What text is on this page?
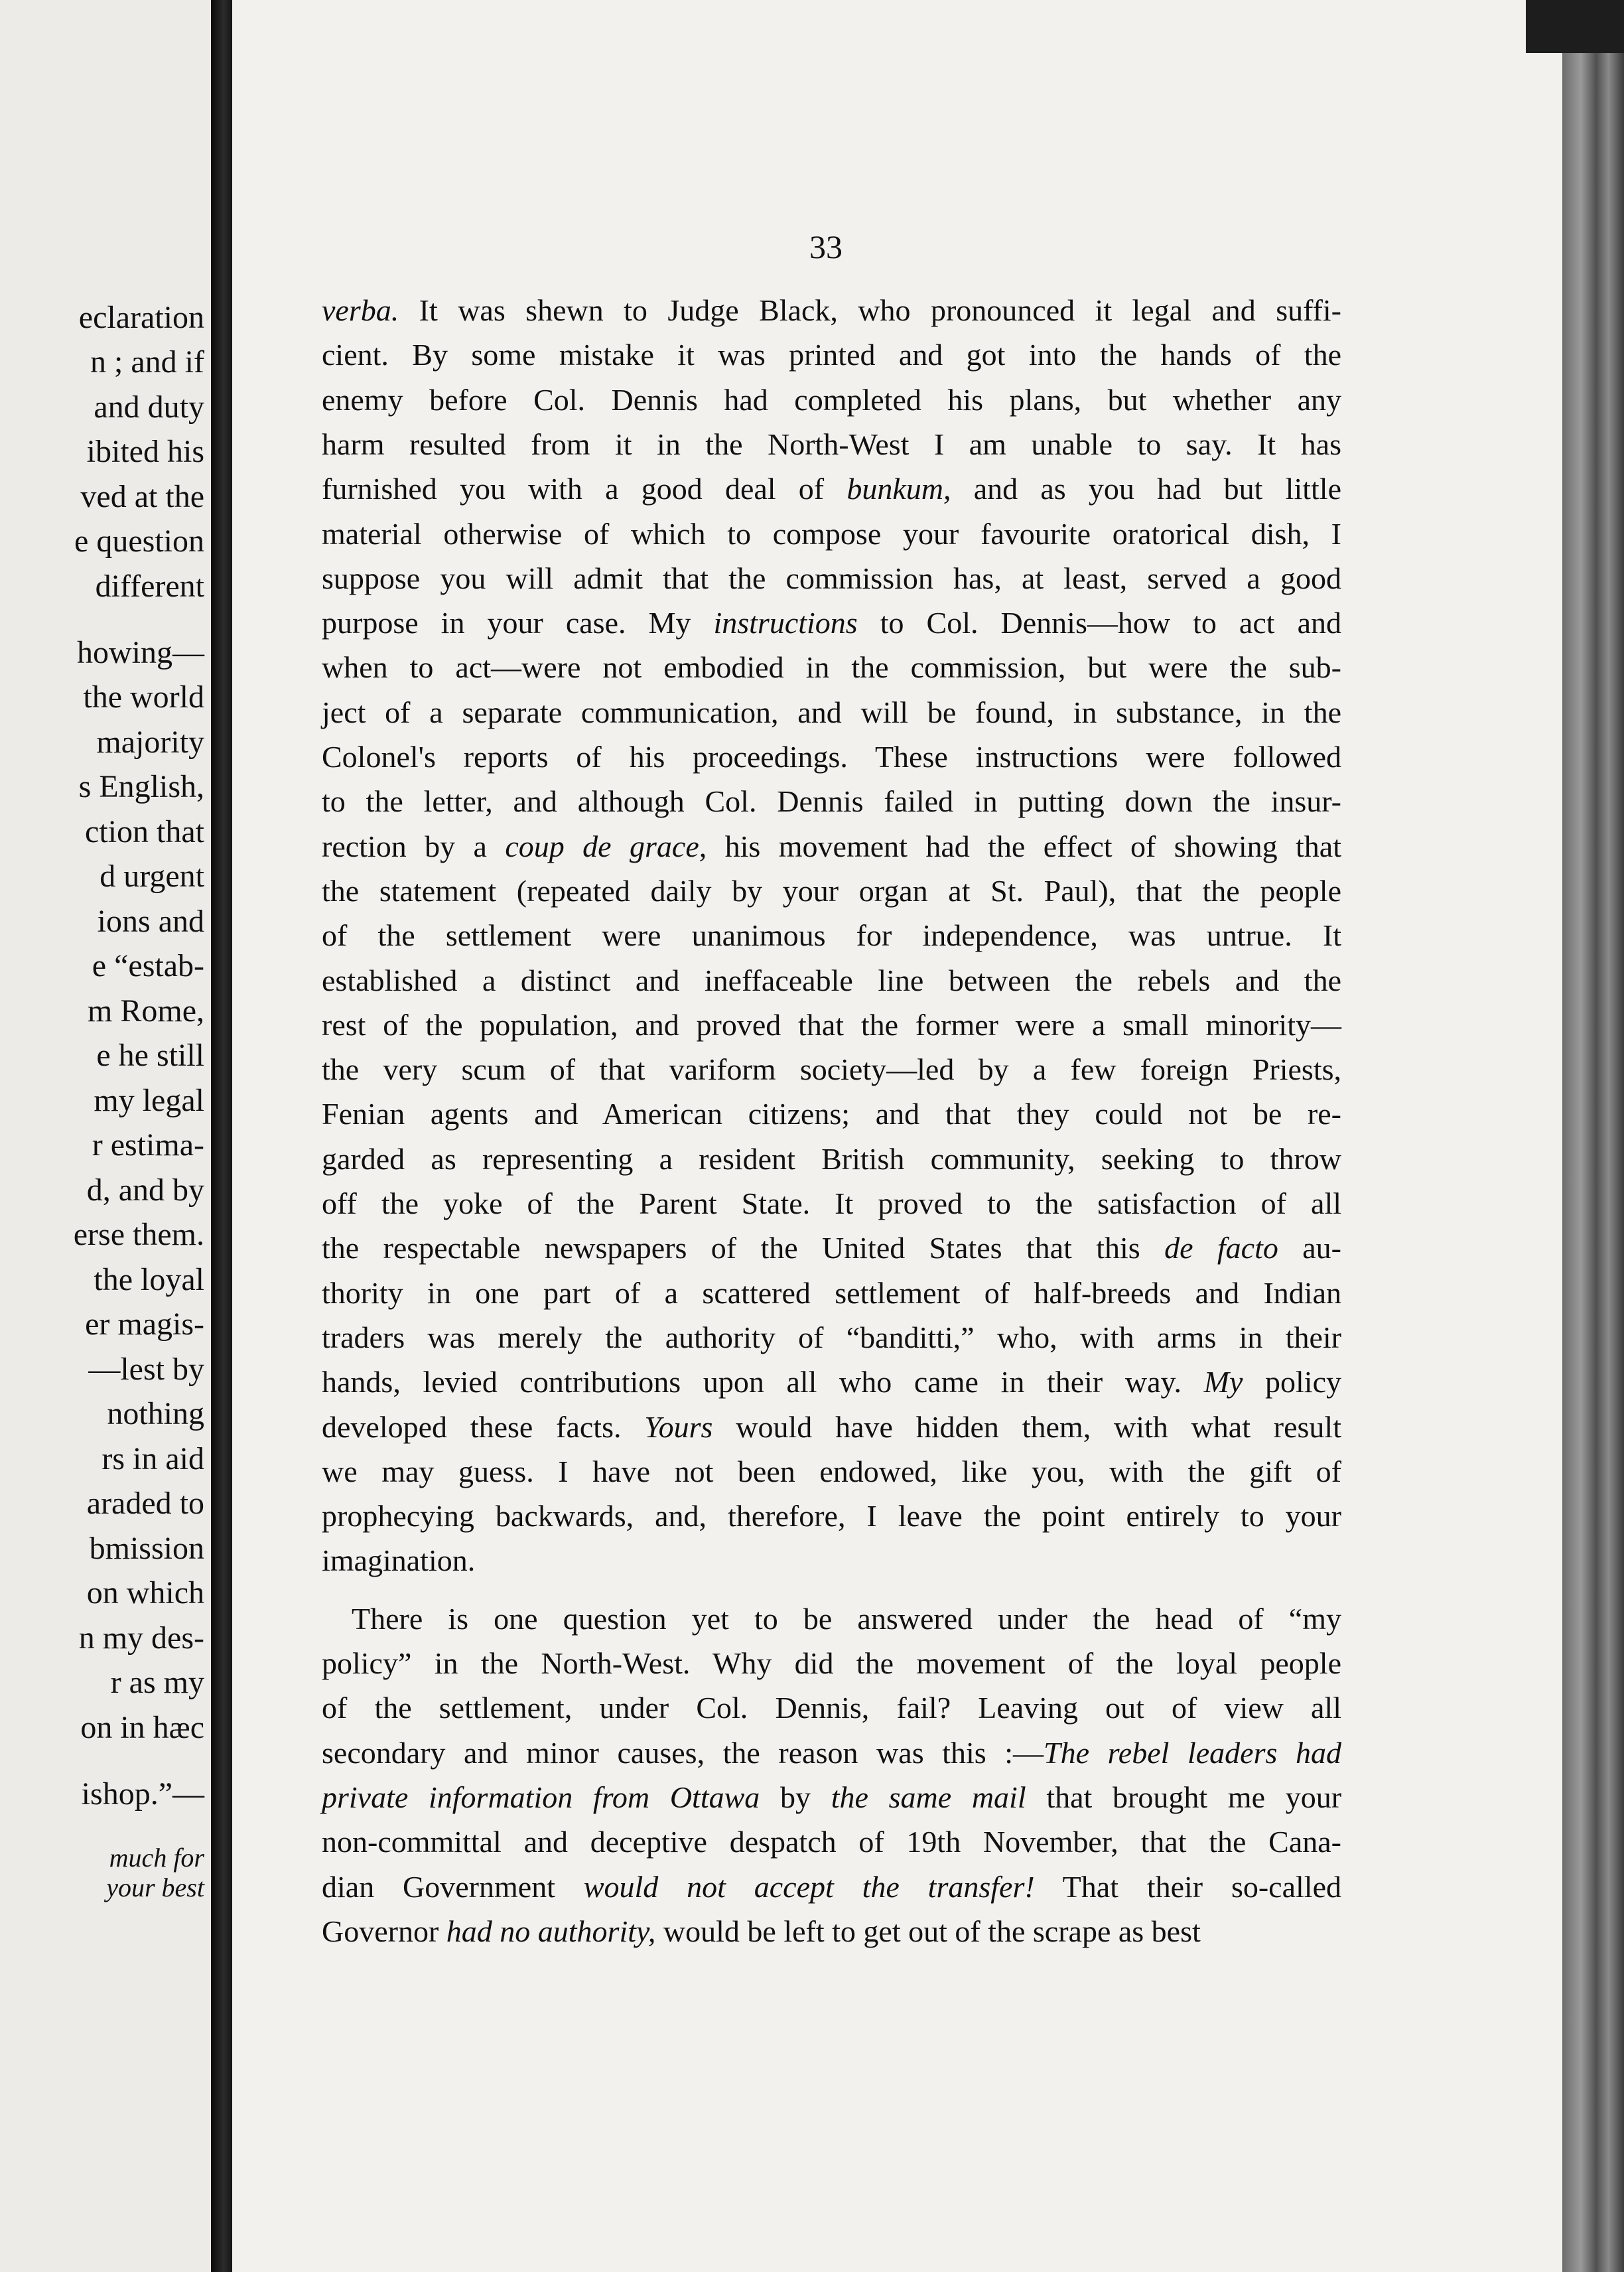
eclaration
n ; and if
and duty
ibited his
ved at the
e question
different
howing—
the world
majority
s English,
ction that
d urgent
ions and
e “estab-
m Rome,
e he still
my legal
r estima-
d, and by
erse them.
the loyal
er magis-
—lest by
nothing
rs in aid
araded to
bmission
on which
n my des-
r as my
on in hæc
ishop.”—
much for
your best
33
verba. It was shewn to Judge Black, who pronounced it legal and suffi-
cient. By some mistake it was printed and got into the hands of the
enemy before Col. Dennis had completed his plans, but whether any
harm resulted from it in the North-West I am unable to say. It has
furnished you with a good deal of bunkum, and as you had but little
material otherwise of which to compose your favourite oratorical dish, I
suppose you will admit that the commission has, at least, served a good
purpose in your case. My instructions to Col. Dennis—how to act and
when to act—were not embodied in the commission, but were the sub-
ject of a separate communication, and will be found, in substance, in the
Colonel's reports of his proceedings. These instructions were followed
to the letter, and although Col. Dennis failed in putting down the insur-
rection by a coup de grace, his movement had the effect of showing that
the statement (repeated daily by your organ at St. Paul), that the people
of the settlement were unanimous for independence, was untrue. It
established a distinct and ineffaceable line between the rebels and the
rest of the population, and proved that the former were a small minority—
the very scum of that variform society—led by a few foreign Priests,
Fenian agents and American citizens; and that they could not be re-
garded as representing a resident British community, seeking to throw
off the yoke of the Parent State. It proved to the satisfaction of all
the respectable newspapers of the United States that this de facto au-
thority in one part of a scattered settlement of half-breeds and Indian
traders was merely the authority of “banditti,” who, with arms in their
hands, levied contributions upon all who came in their way. My policy
developed these facts. Yours would have hidden them, with what result
we may guess. I have not been endowed, like you, with the gift of
prophecying backwards, and, therefore, I leave the point entirely to your
imagination.
There is one question yet to be answered under the head of “my
policy” in the North-West. Why did the movement of the loyal people
of the settlement, under Col. Dennis, fail? Leaving out of view all
secondary and minor causes, the reason was this :—The rebel leaders had
private information from Ottawa by the same mail that brought me your
non-committal and deceptive despatch of 19th November, that the Cana-
dian Government would not accept the transfer! That their so-called
Governor had no authority, would be left to get out of the scrape as best
